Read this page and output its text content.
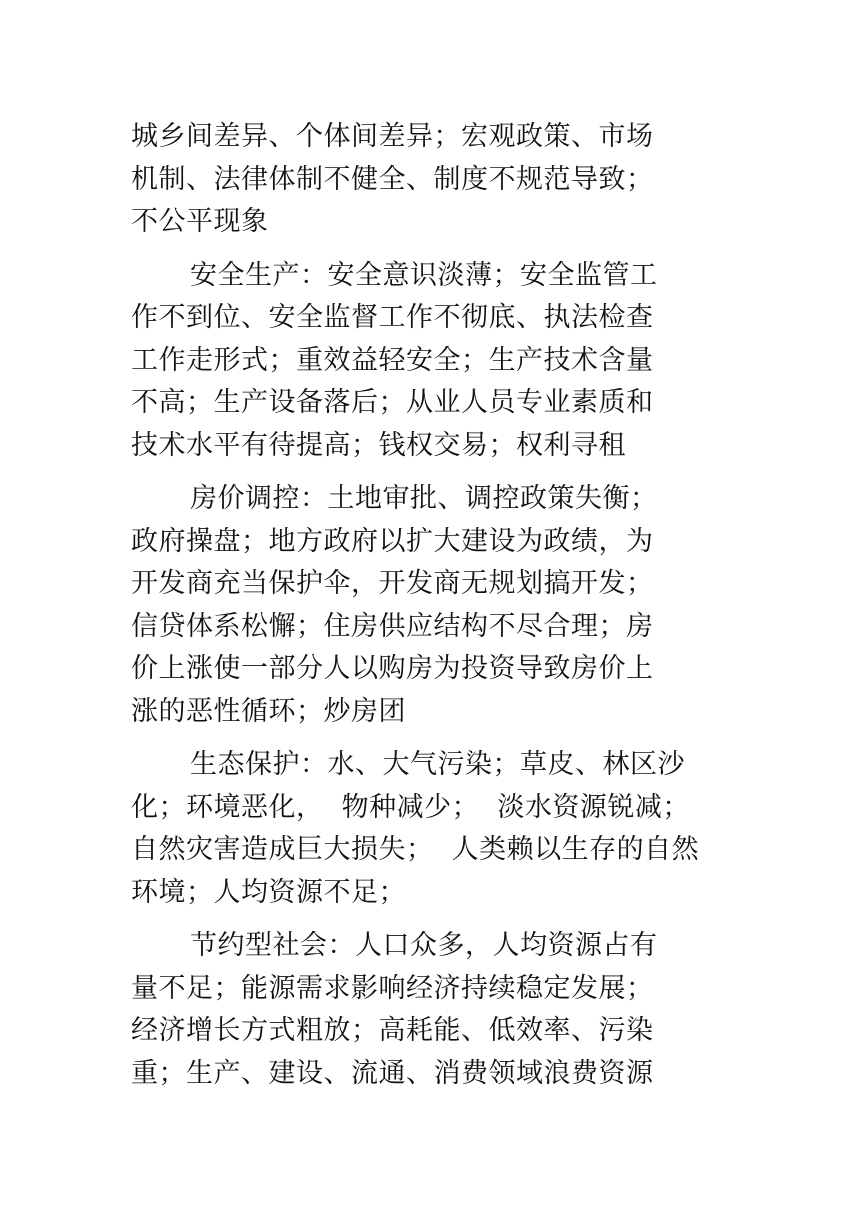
城乡间差异、个体间差异；宏观政策、市场
机制、法律体制不健全、制度不规范导致；
不公平现象
安全生产：安全意识淡薄；安全监管工
作不到位、安全监督工作不彻底、执法检查
工作走形式；重效益轻安全；生产技术含量
不高；生产设备落后；从业人员专业素质和
技术水平有待提高；钱权交易；权利寻租
房价调控：土地审批、调控政策失衡；
政府操盘；地方政府以扩大建设为政绩，为
开发商充当保护伞，开发商无规划搞开发；
信贷体系松懈；住房供应结构不尽合理；房
价上涨使一部分人以购房为投资导致房价上
涨的恶性循环；炒房团
生态保护：水、大气污染；草皮、林区沙
化；环境恶化，  物种减少；  淡水资源锐减；
自然灾害造成巨大损失；  人类赖以生存的自然
环境；人均资源不足；
节约型社会：人口众多，人均资源占有
量不足；能源需求影响经济持续稳定发展；
经济增长方式粗放；高耗能、低效率、污染
重；生产、建设、流通、消费领域浪费资源
